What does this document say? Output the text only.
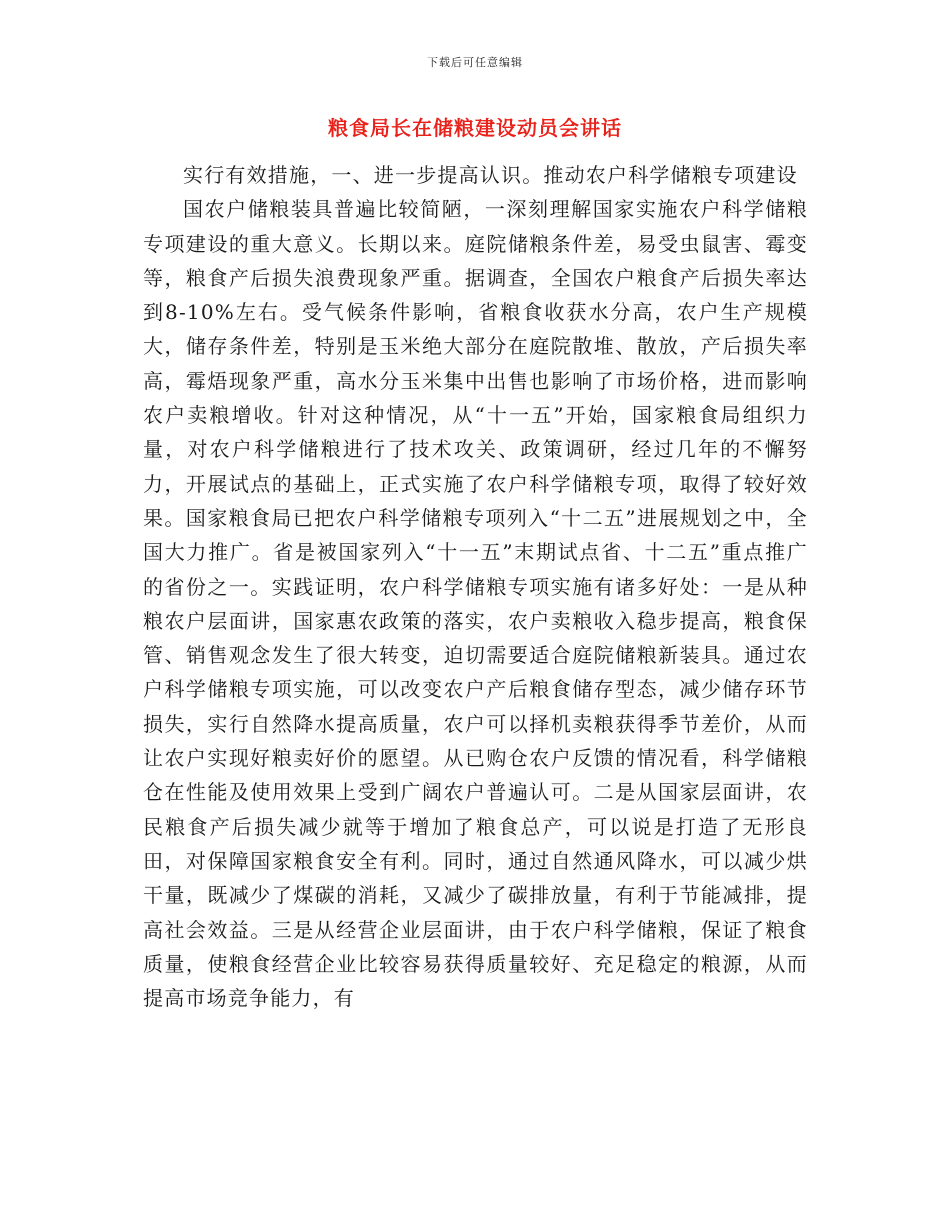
下载后可任意编辑
粮食局长在储粮建设动员会讲话

实行有效措施，一、进一步提高认识。推动农户科学储粮专项建设

国农户储粮装具普遍比较简陋，一深刻理解国家实施农户科学储粮专项建设的重大意义。长期以来。庭院储粮条件差，易受虫鼠害、霉变等，粮食产后损失浪费现象严重。据调查，全国农户粮食产后损失率达到8-10%左右。受气候条件影响，省粮食收获水分高，农户生产规模大，储存条件差，特别是玉米绝大部分在庭院散堆、散放，产后损失率高，霉焐现象严重，高水分玉米集中出售也影响了市场价格，进而影响农户卖粮增收。针对这种情况，从“十一五”开始，国家粮食局组织力量，对农户科学储粮进行了技术攻关、政策调研，经过几年的不懈努力，开展试点的基础上，正式实施了农户科学储粮专项，取得了较好效果。国家粮食局已把农户科学储粮专项列入“十二五”进展规划之中，全国大力推广。省是被国家列入“十一五”末期试点省、十二五”重点推广的省份之一。实践证明，农户科学储粮专项实施有诸多好处：一是从种粮农户层面讲，国家惠农政策的落实，农户卖粮收入稳步提高，粮食保管、销售观念发生了很大转变，迫切需要适合庭院储粮新装具。通过农户科学储粮专项实施，可以改变农户产后粮食储存型态，减少储存环节损失，实行自然降水提高质量，农户可以择机卖粮获得季节差价，从而让农户实现好粮卖好价的愿望。从已购仓农户反馈的情况看，科学储粮仓在性能及使用效果上受到广阔农户普遍认可。二是从国家层面讲，农民粮食产后损失减少就等于增加了粮食总产，可以说是打造了无形良田，对保障国家粮食安全有利。同时，通过自然通风降水，可以减少烘干量，既减少了煤碳的消耗，又减少了碳排放量，有利于节能减排，提高社会效益。三是从经营企业层面讲，由于农户科学储粮，保证了粮食质量，使粮食经营企业比较容易获得质量较好、充足稳定的粮源，从而提高市场竞争能力，有
